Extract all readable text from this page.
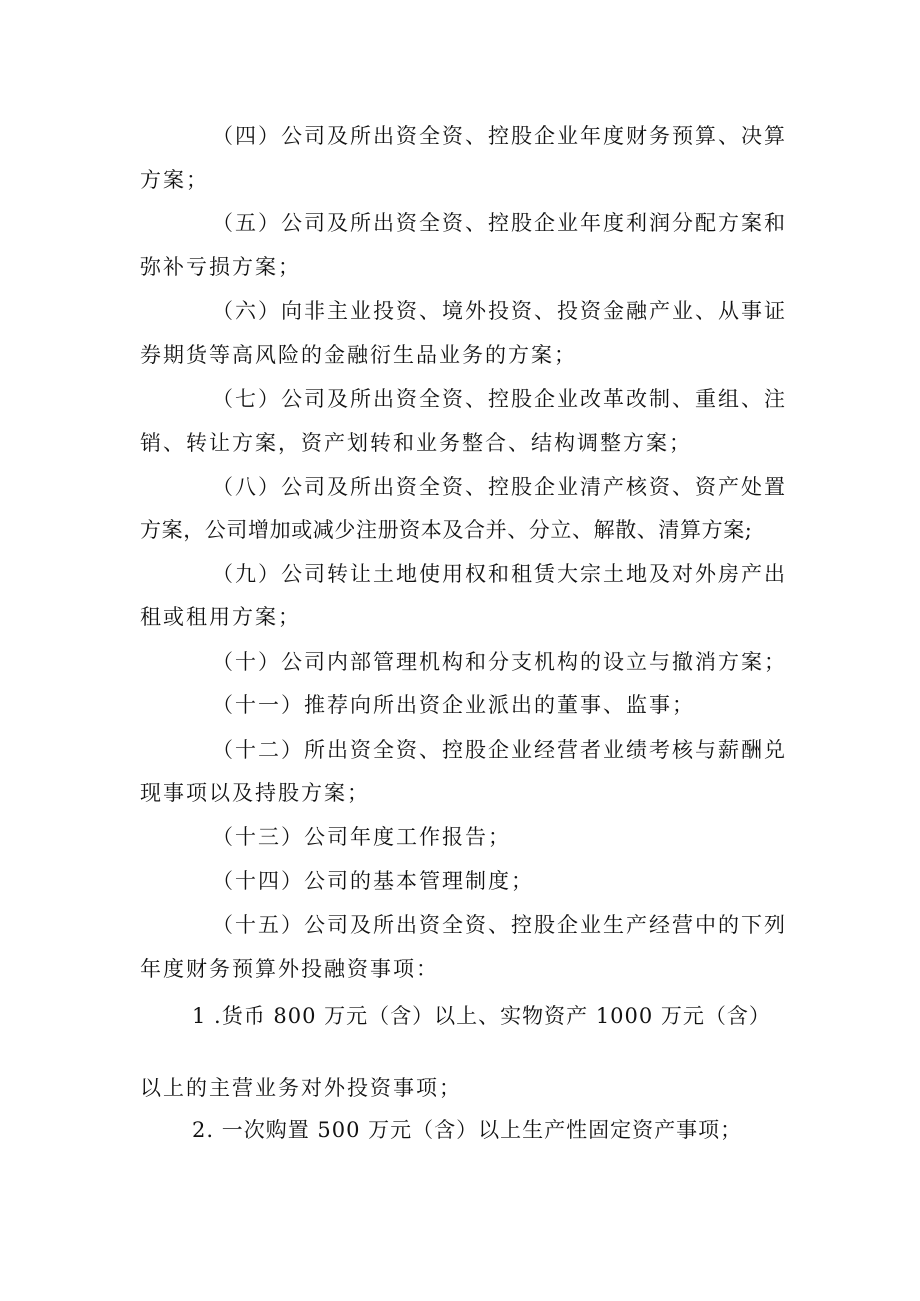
（四）公司及所出资全资、控股企业年度财务预算、决算
方案；
（五）公司及所出资全资、控股企业年度利润分配方案和
弥补亏损方案；
（六）向非主业投资、境外投资、投资金融产业、从事证
券期货等高风险的金融衍生品业务的方案；
（七）公司及所出资全资、控股企业改革改制、重组、注
销、转让方案，资产划转和业务整合、结构调整方案；
（八）公司及所出资全资、控股企业清产核资、资产处置
方案，公司增加或减少注册资本及合并、分立、解散、清算方案;
（九）公司转让土地使用权和租赁大宗土地及对外房产出
租或租用方案；
（十）公司内部管理机构和分支机构的设立与撤消方案；
（十一）推荐向所出资企业派出的董事、监事；
（十二）所出资全资、控股企业经营者业绩考核与薪酬兑
现事项以及持股方案；
（十三）公司年度工作报告；
（十四）公司的基本管理制度；
（十五）公司及所出资全资、控股企业生产经营中的下列
年度财务预算外投融资事项：
1 .货币 800 万元（含）以上、实物资产 1000 万元（含）
以上的主营业务对外投资事项；
2. 一次购置 500 万元（含）以上生产性固定资产事项；
